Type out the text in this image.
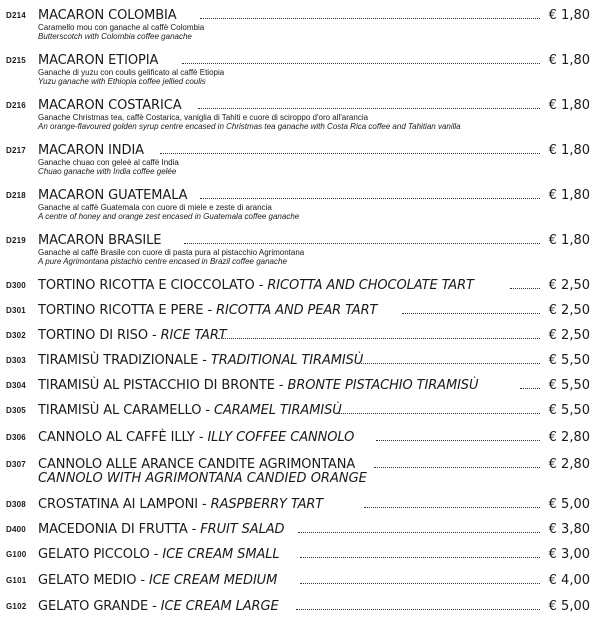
D214 MACARON COLOMBIA	€ 1,80
Caramello mou con ganache al caffè Colombia
Butterscotch with Colombia coffee ganache
D215 MACARON ETIOPIA	€ 1,80
Ganache di yuzu con coulis gelificato al caffè Etiopia
Yuzu ganache with Ethiopia coffee jellied coulis
D216 MACARON COSTARICA	€ 1,80
Ganache Christmas tea, caffè Costarica, vaniglia di Tahiti e cuore di sciroppo d'oro all'arancia
An orange-flavoured golden syrup centre encased in Christmas tea ganache with Costa Rica coffee and Tahitian vanilla
D217 MACARON INDIA	€ 1,80
Ganache chuao con geleè al caffè India
Chuao ganache with India coffee gelée
D218 MACARON GUATEMALA	€ 1,80
Ganache al caffè Guatemala con cuore di miele e zeste di arancia
A centre of honey and orange zest encased in Guatemala coffee ganache
D219 MACARON BRASILE	€ 1,80
Ganache al caffè Brasile con cuore di pasta pura al pistacchio Agrimontana
A pure Agrimontana pistachio centre encased in Brazil coffee ganache
D300 TORTINO RICOTTA E CIOCCOLATO - RICOTTA AND CHOCOLATE TART	€ 2,50
D301 TORTINO RICOTTA E PERE - RICOTTA AND PEAR TART	€ 2,50
D302 TORTINO DI RISO - RICE TART	€ 2,50
D303 TIRAMISÙ TRADIZIONALE - TRADITIONAL TIRAMISÙ	€ 5,50
D304 TIRAMISÙ AL PISTACCHIO DI BRONTE - BRONTE PISTACHIO TIRAMISÙ	€ 5,50
D305 TIRAMISÙ AL CARAMELLO - CARAMEL TIRAMISÙ	€ 5,50
D306 CANNOLO AL CAFFÈ ILLY - ILLY COFFEE CANNOLO	€ 2,80
D307 CANNOLO ALLE ARANCE CANDITE AGRIMONTANA	€ 2,80
CANNOLO WITH AGRIMONTANA CANDIED ORANGE
D308 CROSTATINA AI LAMPONI - RASPBERRY TART	€ 5,00
D400 MACEDONIA DI FRUTTA - FRUIT SALAD	€ 3,80
G100 GELATO PICCOLO - ICE CREAM SMALL	€ 3,00
G101 GELATO MEDIO - ICE CREAM MEDIUM	€ 4,00
G102 GELATO GRANDE - ICE CREAM LARGE	€ 5,00
